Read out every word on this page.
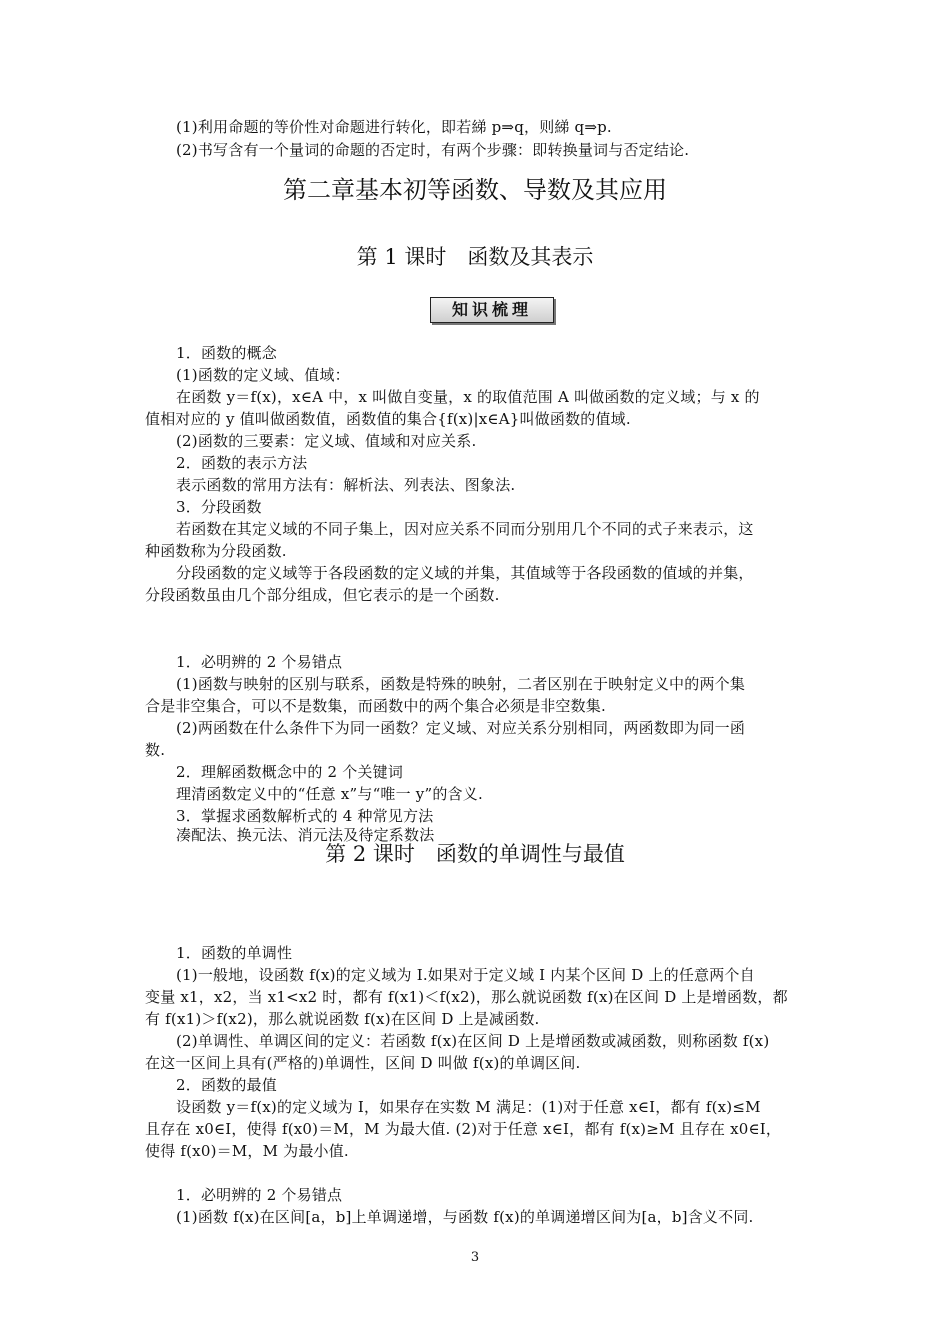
(1)利用命题的等价性对命题进行转化，即若綈 p⇒q，则綈 q⇒p.
(2)书写含有一个量词的命题的否定时，有两个步骤：即转换量词与否定结论.
第二章基本初等函数、导数及其应用
第 1 课时　函数及其表示
知识梳理
1．函数的概念
(1)函数的定义域、值域：
在函数 y＝f(x)，x∈A 中，x 叫做自变量，x 的取值范围 A 叫做函数的定义域；与 x 的
值相对应的 y 值叫做函数值，函数值的集合{f(x)|x∈A}叫做函数的值域.
(2)函数的三要素：定义域、值域和对应关系.
2．函数的表示方法
表示函数的常用方法有：解析法、列表法、图象法.
3．分段函数
若函数在其定义域的不同子集上，因对应关系不同而分别用几个不同的式子来表示，这
种函数称为分段函数.
分段函数的定义域等于各段函数的定义域的并集，其值域等于各段函数的值域的并集，
分段函数虽由几个部分组成，但它表示的是一个函数.
1．必明辨的 2 个易错点
(1)函数与映射的区别与联系，函数是特殊的映射，二者区别在于映射定义中的两个集
合是非空集合，可以不是数集，而函数中的两个集合必须是非空数集.
(2)两函数在什么条件下为同一函数？定义域、对应关系分别相同，两函数即为同一函
数.
2．理解函数概念中的 2 个关键词
理清函数定义中的“任意 x”与“唯一 y”的含义.
3．掌握求函数解析式的 4 种常见方法
凑配法、换元法、消元法及待定系数法
第 2 课时　函数的单调性与最值
1．函数的单调性
(1)一般地，设函数 f(x)的定义域为 I.如果对于定义域 I 内某个区间 D 上的任意两个自
变量 x1，x2，当 x1<x2 时，都有 f(x1)＜f(x2)，那么就说函数 f(x)在区间 D 上是增函数，都
有 f(x1)＞f(x2)，那么就说函数 f(x)在区间 D 上是减函数.
(2)单调性、单调区间的定义：若函数 f(x)在区间 D 上是增函数或减函数，则称函数 f(x)
在这一区间上具有(严格的)单调性，区间 D 叫做 f(x)的单调区间.
2．函数的最值
设函数 y＝f(x)的定义域为 I，如果存在实数 M 满足：(1)对于任意 x∈I，都有 f(x)≤M
且存在 x0∈I，使得 f(x0)＝M，M 为最大值. (2)对于任意 x∈I，都有 f(x)≥M 且存在 x0∈I，
使得 f(x0)＝M，M 为最小值.
1．必明辨的 2 个易错点
(1)函数 f(x)在区间[a，b]上单调递增，与函数 f(x)的单调递增区间为[a，b]含义不同.
3
